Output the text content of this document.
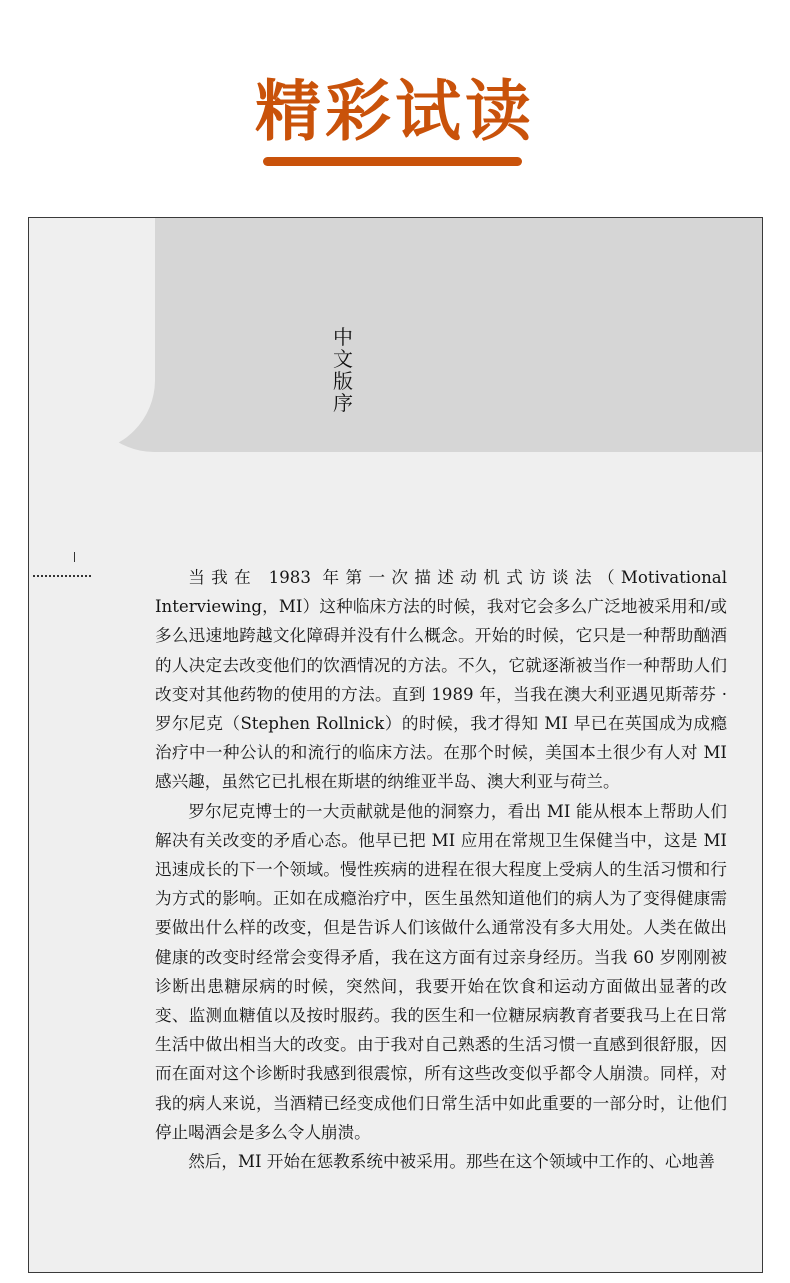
精彩试读
中
文
版
序

当我在 1983 年第一次描述动机式访谈法（Motivational Interviewing，MI）这种临床方法的时候，我对它会多么广泛地被采用和/或多么迅速地跨越文化障碍并没有什么概念。开始的时候，它只是一种帮助酗酒的人决定去改变他们的饮酒情况的方法。不久，它就逐渐被当作一种帮助人们改变对其他药物的使用的方法。直到 1989 年，当我在澳大利亚遇见斯蒂芬 · 罗尔尼克（Stephen Rollnick）的时候，我才得知 MI 早已在英国成为成瘾治疗中一种公认的和流行的临床方法。在那个时候，美国本土很少有人对 MI 感兴趣，虽然它已扎根在斯堪的纳维亚半岛、澳大利亚与荷兰。

罗尔尼克博士的一大贡献就是他的洞察力，看出 MI 能从根本上帮助人们解决有关改变的矛盾心态。他早已把 MI 应用在常规卫生保健当中，这是 MI 迅速成长的下一个领域。慢性疾病的进程在很大程度上受病人的生活习惯和行为方式的影响。正如在成瘾治疗中，医生虽然知道他们的病人为了变得健康需要做出什么样的改变，但是告诉人们该做什么通常没有多大用处。人类在做出健康的改变时经常会变得矛盾，我在这方面有过亲身经历。当我 60 岁刚刚被诊断出患糖尿病的时候，突然间，我要开始在饮食和运动方面做出显著的改变、监测血糖值以及按时服药。我的医生和一位糖尿病教育者要我马上在日常生活中做出相当大的改变。由于我对自己熟悉的生活习惯一直感到很舒服，因而在面对这个诊断时我感到很震惊，所有这些改变似乎都令人崩溃。同样，对我的病人来说，当酒精已经变成他们日常生活中如此重要的一部分时，让他们停止喝酒会是多么令人崩溃。

然后，MI 开始在惩教系统中被采用。那些在这个领域中工作的、心地善
